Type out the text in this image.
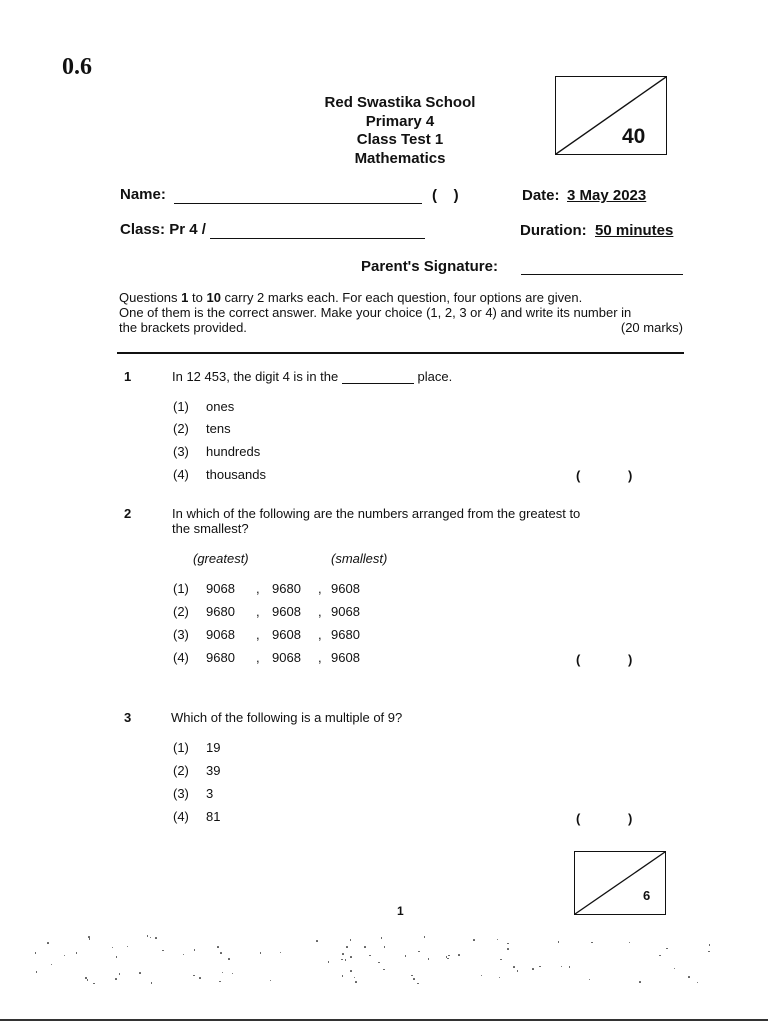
0.6
Red Swastika School
Primary 4
Class Test 1
Mathematics
40
Name:	(    )	Date: 3 May 2023
Class: Pr 4 /	Duration: 50 minutes
Parent's Signature:
Questions 1 to 10 carry 2 marks each. For each question, four options are given.
One of them is the correct answer. Make your choice (1, 2, 3 or 4) and write its number in
the brackets provided.	(20 marks)
1	In 12 453, the digit 4 is in the	place.
(1) ones
(2) tens
(3) hundreds
(4) thousands	( )
2	In which of the following are the numbers arranged from the greatest to
the smallest?
(greatest)	(smallest)
(1) 9068 , 9680 , 9608
(2) 9680 , 9608 , 9068
(3) 9068 , 9608 , 9680
(4) 9680 , 9068 , 9608	( )
3	Which of the following is a multiple of 9?
(1) 19
(2) 39
(3) 3
(4) 81	( )
6
1
